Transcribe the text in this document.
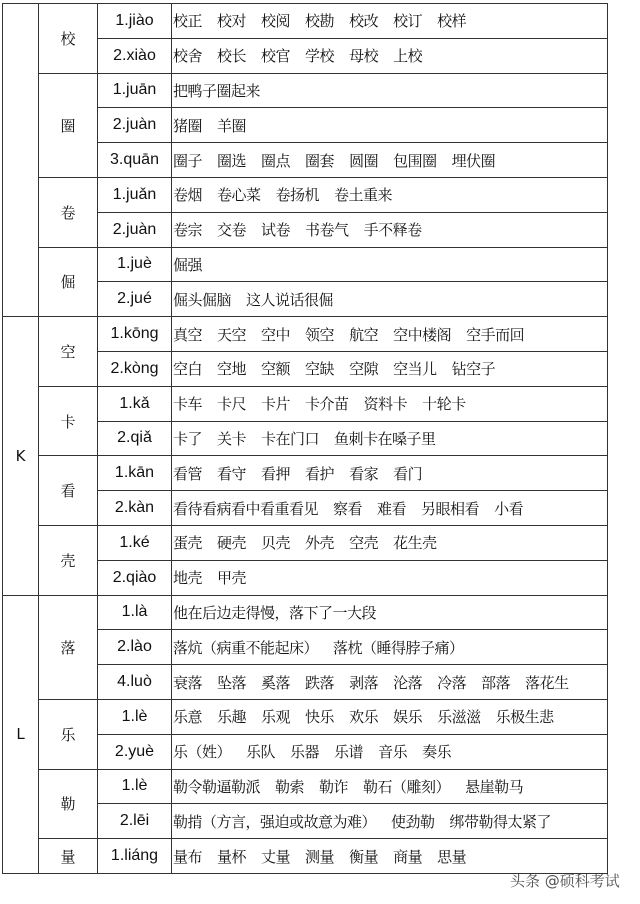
	校	1.jiào	校正 校对 校阅 校勘 校改 校订 校样
		2.xiào	校舍 校长 校官 学校 母校 上校
	圈	1.juān	把鸭子圈起来
		2.juàn	猪圈 羊圈
		3.quān	圈子 圈选 圈点 圈套 圆圈 包围圈 埋伏圈
	卷	1.juǎn	卷烟 卷心菜 卷扬机 卷土重来
		2.juàn	卷宗 交卷 试卷 书卷气 手不释卷
	倔	1.juè	倔强
		2.jué	倔头倔脑 这人说话很倔
K	空	1.kōng	真空 天空 空中 领空 航空 空中楼阁 空手而回
		2.kòng	空白 空地 空额 空缺 空隙 空当儿 钻空子
	卡	1.kǎ	卡车 卡尺 卡片 卡介苗 资料卡 十轮卡
		2.qiǎ	卡了 关卡 卡在门口 鱼刺卡在嗓子里
	看	1.kān	看管 看守 看押 看护 看家 看门
		2.kàn	看待看病看中看重看见 察看 难看 另眼相看 小看
	壳	1.ké	蛋壳 硬壳 贝壳 外壳 空壳 花生壳
		2.qiào	地壳 甲壳
L	落	1.là	他在后边走得慢，落下了一大段
		2.lào	落炕（病重不能起床） 落枕（睡得脖子痛）
		4.luò	衰落 坠落 奚落 跌落 剥落 沦落 冷落 部落 落花生
	乐	1.lè	乐意 乐趣 乐观 快乐 欢乐 娱乐 乐滋滋 乐极生悲
		2.yuè	乐（姓） 乐队 乐器 乐谱 音乐 奏乐
	勒	1.lè	勒令勒逼勒派 勒索 勒诈 勒石（雕刻） 悬崖勒马
		2.lēi	勒掯（方言，强迫或故意为难） 使劲勒 绑带勒得太紧了
	量	1.liáng	量布 量杯 丈量 测量 衡量 商量 思量
头条 @硕科考试
